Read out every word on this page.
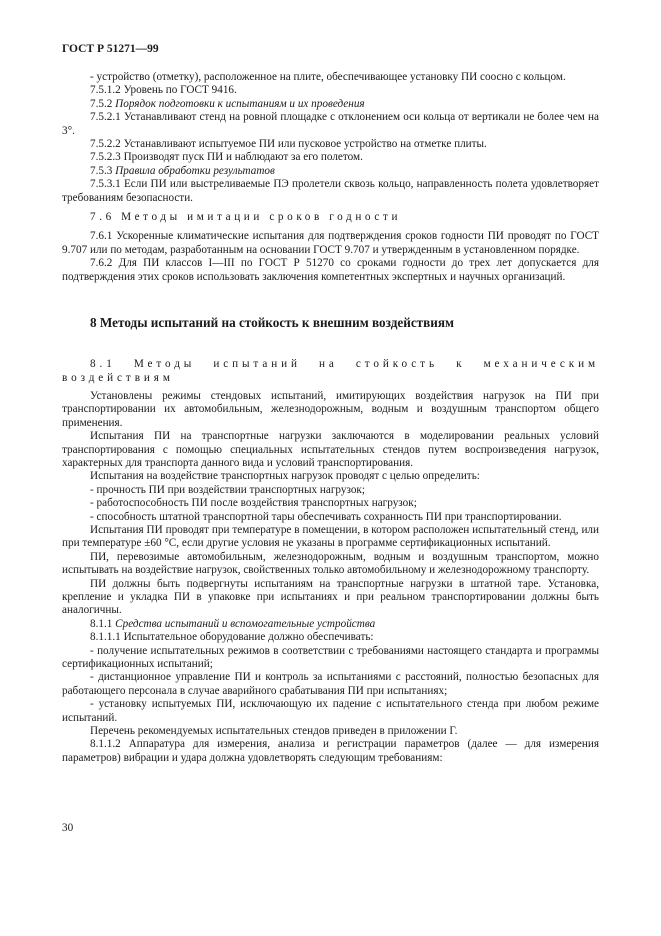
ГОСТ Р 51271—99

- устройство (отметку), расположенное на плите, обеспечивающее установку ПИ соосно с кольцом.

7.5.1.2 Уровень по ГОСТ 9416.

7.5.2 Порядок подготовки к испытаниям и их проведения

7.5.2.1 Устанавливают стенд на ровной площадке с отклонением оси кольца от вертикали не более чем на 3°.

7.5.2.2 Устанавливают испытуемое ПИ или пусковое устройство на отметке плиты.

7.5.2.3 Производят пуск ПИ и наблюдают за его полетом.

7.5.3 Правила обработки результатов

7.5.3.1 Если ПИ или выстреливаемые ПЭ пролетели сквозь кольцо, направленность полета удовлетворяет требованиям безопасности.

7.6 Методы имитации сроков годности

7.6.1 Ускоренные климатические испытания для подтверждения сроков годности ПИ проводят по ГОСТ 9.707 или по методам, разработанным на основании ГОСТ 9.707 и утвержденным в установленном порядке.

7.6.2 Для ПИ классов I—III по ГОСТ Р 51270 со сроками годности до трех лет допускается для подтверждения этих сроков использовать заключения компетентных экспертных и научных организаций.

8 Методы испытаний на стойкость к внешним воздействиям

8.1 Методы испытаний на стойкость к механическим воздействиям

Установлены режимы стендовых испытаний, имитирующих воздействия нагрузок на ПИ при транспортировании их автомобильным, железнодорожным, водным и воздушным транспортом общего применения.

Испытания ПИ на транспортные нагрузки заключаются в моделировании реальных условий транспортирования с помощью специальных испытательных стендов путем воспроизведения нагрузок, характерных для транспорта данного вида и условий транспортирования.

Испытания на воздействие транспортных нагрузок проводят с целью определить:

- прочность ПИ при воздействии транспортных нагрузок;

- работоспособность ПИ после воздействия транспортных нагрузок;

- способность штатной транспортной тары обеспечивать сохранность ПИ при транспортировании.

Испытания ПИ проводят при температуре в помещении, в котором расположен испытательный стенд, или при температуре ±60 °С, если другие условия не указаны в программе сертификационных испытаний.

ПИ, перевозимые автомобильным, железнодорожным, водным и воздушным транспортом, можно испытывать на воздействие нагрузок, свойственных только автомобильному и железнодорожному транспорту.

ПИ должны быть подвергнуты испытаниям на транспортные нагрузки в штатной таре. Установка, крепление и укладка ПИ в упаковке при испытаниях и при реальном транспортировании должны быть аналогичны.

8.1.1 Средства испытаний и вспомогательные устройства

8.1.1.1 Испытательное оборудование должно обеспечивать:

- получение испытательных режимов в соответствии с требованиями настоящего стандарта и программы сертификационных испытаний;

- дистанционное управление ПИ и контроль за испытаниями с расстояний, полностью безопасных для работающего персонала в случае аварийного срабатывания ПИ при испытаниях;

- установку испытуемых ПИ, исключающую их падение с испытательного стенда при любом режиме испытаний.

Перечень рекомендуемых испытательных стендов приведен в приложении Г.

8.1.1.2 Аппаратура для измерения, анализа и регистрации параметров (далее — для измерения параметров) вибрации и удара должна удовлетворять следующим требованиям:

30
